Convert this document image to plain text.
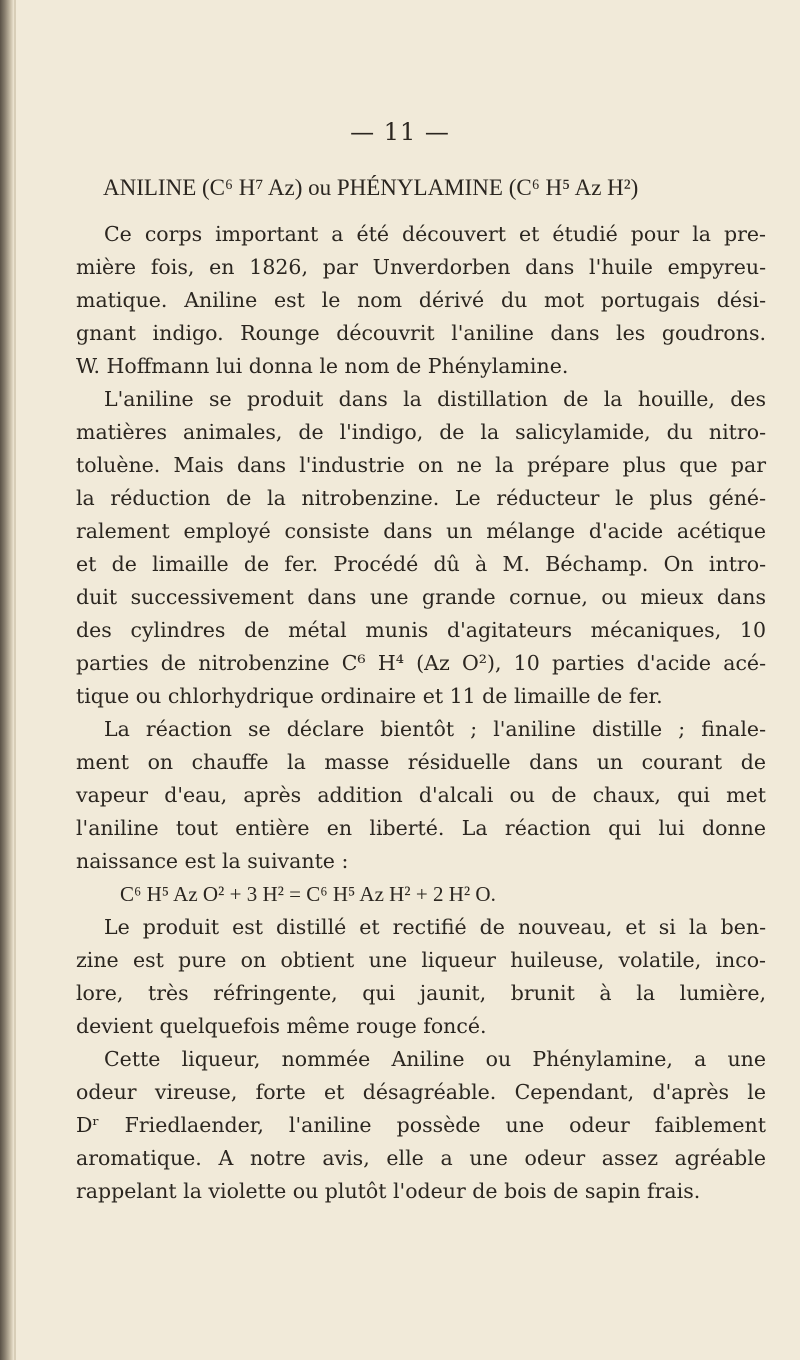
— 11 —
ANILINE (C⁶ H⁷ Az) ou PHÉNYLAMINE (C⁶ H⁵ Az H²)
Ce corps important a été découvert et étudié pour la pre-
mière fois, en 1826, par Unverdorben dans l'huile empyreu-
matique. Aniline est le nom dérivé du mot portugais dési-
gnant indigo. Rounge découvrit l'aniline dans les goudrons.
W. Hoffmann lui donna le nom de Phénylamine.
L'aniline se produit dans la distillation de la houille, des
matières animales, de l'indigo, de la salicylamide, du nitro-
toluène. Mais dans l'industrie on ne la prépare plus que par
la réduction de la nitrobenzine. Le réducteur le plus géné-
ralement employé consiste dans un mélange d'acide acétique
et de limaille de fer. Procédé dû à M. Béchamp. On intro-
duit successivement dans une grande cornue, ou mieux dans
des cylindres de métal munis d'agitateurs mécaniques, 10
parties de nitrobenzine C⁶ H⁴ (Az O²), 10 parties d'acide acé-
tique ou chlorhydrique ordinaire et 11 de limaille de fer.
La réaction se déclare bientôt ; l'aniline distille ; finale-
ment on chauffe la masse résiduelle dans un courant de
vapeur d'eau, après addition d'alcali ou de chaux, qui met
l'aniline tout entière en liberté. La réaction qui lui donne
naissance est la suivante :
C⁶ H⁵ Az O² + 3 H² = C⁶ H⁵ Az H² + 2 H² O.
Le produit est distillé et rectifié de nouveau, et si la ben-
zine est pure on obtient une liqueur huileuse, volatile, inco-
lore, très réfringente, qui jaunit, brunit à la lumière,
devient quelquefois même rouge foncé.
Cette liqueur, nommée Aniline ou Phénylamine, a une
odeur vireuse, forte et désagréable. Cependant, d'après le
Dʳ Friedlaender, l'aniline possède une odeur faiblement
aromatique. A notre avis, elle a une odeur assez agréable
rappelant la violette ou plutôt l'odeur de bois de sapin frais.
